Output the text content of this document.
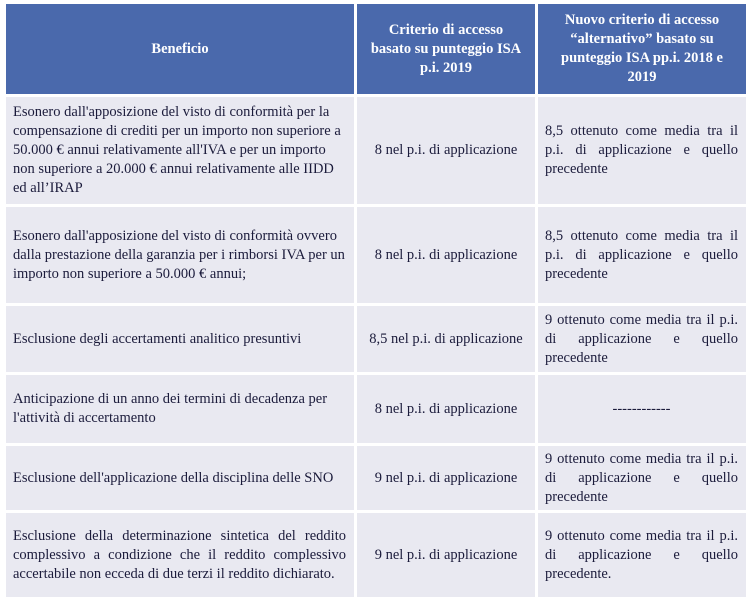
Beneficio	Criterio di accesso basato su punteggio ISA p.i. 2019	Nuovo criterio di accesso “alternativo” basato su punteggio ISA pp.i. 2018 e 2019
Esonero dall'apposizione del visto di conformità per la compensazione di crediti per un importo non superiore a 50.000 € annui relativamente all'IVA e per un importo non superiore a 20.000 € annui relativamente alle IIDD ed all’IRAP	8 nel p.i. di applicazione	8,5 ottenuto come media tra il p.i. di applicazione e quello precedente
Esonero dall'apposizione del visto di conformità ovvero dalla prestazione della garanzia per i rimborsi IVA per un importo non superiore a 50.000 € annui;	8 nel p.i. di applicazione	8,5 ottenuto come media tra il p.i. di applicazione e quello precedente
Esclusione degli accertamenti analitico presuntivi	8,5 nel p.i. di applicazione	9 ottenuto come media tra il p.i. di applicazione e quello precedente
Anticipazione di un anno dei termini di decadenza per l'attività di accertamento	8 nel p.i. di applicazione	------------
Esclusione dell'applicazione della disciplina delle SNO	9 nel p.i. di applicazione	9 ottenuto come media tra il p.i. di applicazione e quello precedente
Esclusione della determinazione sintetica del reddito complessivo a condizione che il reddito complessivo accertabile non ecceda di due terzi il reddito dichiarato.	9 nel p.i. di applicazione	9 ottenuto come media tra il p.i. di applicazione e quello precedente.
